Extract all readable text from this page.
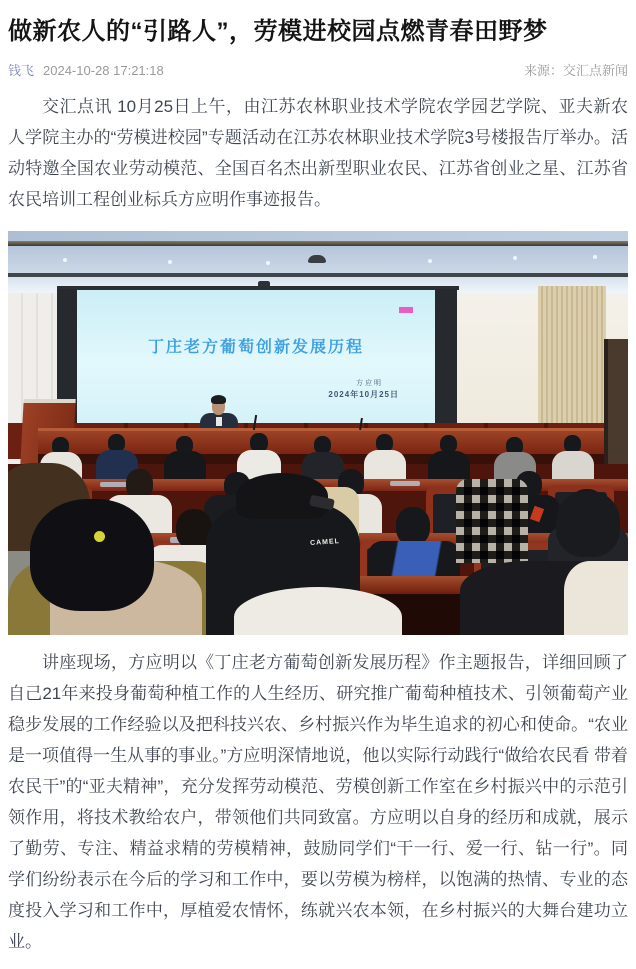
做新农人的“引路人”，劳模进校园点燃青春田野梦
钱飞 2024-10-28 17:21:18	来源：交汇点新闻

交汇点讯 10月25日上午，由江苏农林职业技术学院农学园艺学院、亚夫新农人学院主办的“劳模进校园”专题活动在江苏农林职业技术学院3号楼报告厅举办。活动特邀全国农业劳动模范、全国百名杰出新型职业农民、江苏省创业之星、江苏省农民培训工程创业标兵方应明作事迹报告。

丁庄老方葡萄创新发展历程
方应明
2024年10月25日
CAMEL

讲座现场，方应明以《丁庄老方葡萄创新发展历程》作主题报告，详细回顾了自己21年来投身葡萄种植工作的人生经历、研究推广葡萄种植技术、引领葡萄产业稳步发展的工作经验以及把科技兴农、乡村振兴作为毕生追求的初心和使命。“农业是一项值得一生从事的事业。”方应明深情地说，他以实际行动践行“做给农民看 带着农民干”的“亚夫精神”，充分发挥劳动模范、劳模创新工作室在乡村振兴中的示范引领作用，将技术教给农户，带领他们共同致富。方应明以自身的经历和成就，展示了勤劳、专注、精益求精的劳模精神，鼓励同学们“干一行、爱一行、钻一行”。同学们纷纷表示在今后的学习和工作中，要以劳模为榜样，以饱满的热情、专业的态度投入学习和工作中，厚植爱农情怀，练就兴农本领，在乡村振兴的大舞台建功立业。
